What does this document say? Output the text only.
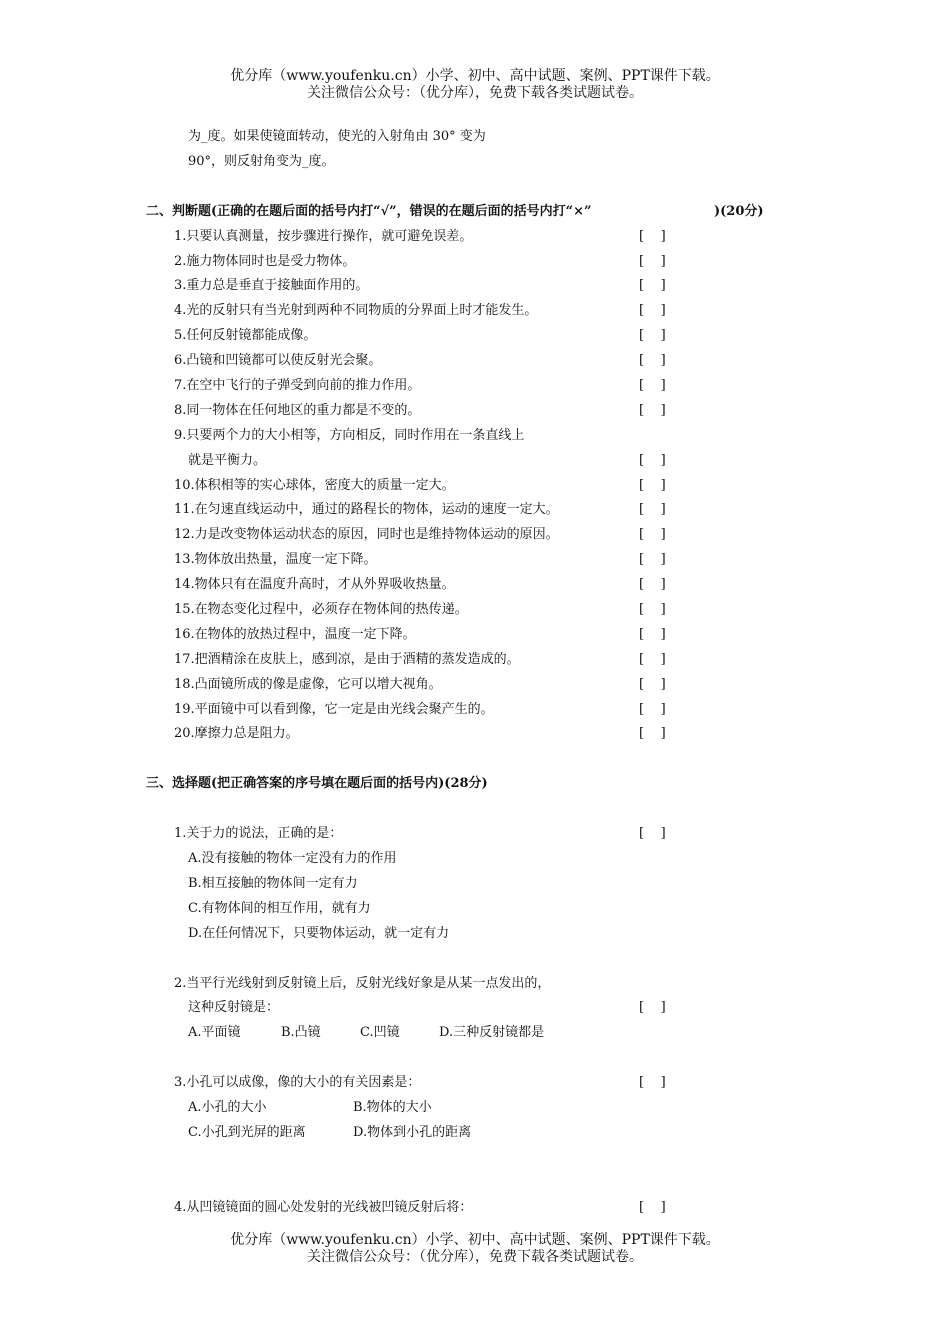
优分库（www.youfenku.cn）小学、初中、高中试题、案例、PPT课件下载。
关注微信公众号：（优分库），免费下载各类试题试卷。
为_度。如果使镜面转动，使光的入射角由 30° 变为
90°，则反射角变为_度。
二、判断题(正确的在题后面的括号内打“√”，错误的在题后面的括号内打“×”	)(20分)
1.只要认真测量，按步骤进行操作，就可避免误差。	[    ]
2.施力物体同时也是受力物体。	[    ]
3.重力总是垂直于接触面作用的。	[    ]
4.光的反射只有当光射到两种不同物质的分界面上时才能发生。	[    ]
5.任何反射镜都能成像。	[    ]
6.凸镜和凹镜都可以使反射光会聚。	[    ]
7.在空中飞行的子弹受到向前的推力作用。	[    ]
8.同一物体在任何地区的重力都是不变的。	[    ]
9.只要两个力的大小相等，方向相反，同时作用在一条直线上
就是平衡力。	[    ]
10.体积相等的实心球体，密度大的质量一定大。	[    ]
11.在匀速直线运动中，通过的路程长的物体，运动的速度一定大。	[    ]
12.力是改变物体运动状态的原因，同时也是维持物体运动的原因。	[    ]
13.物体放出热量，温度一定下降。	[    ]
14.物体只有在温度升高时，才从外界吸收热量。	[    ]
15.在物态变化过程中，必须存在物体间的热传递。	[    ]
16.在物体的放热过程中，温度一定下降。	[    ]
17.把酒精涂在皮肤上，感到凉，是由于酒精的蒸发造成的。	[    ]
18.凸面镜所成的像是虚像，它可以增大视角。	[    ]
19.平面镜中可以看到像，它一定是由光线会聚产生的。	[    ]
20.摩擦力总是阻力。	[    ]
三、选择题(把正确答案的序号填在题后面的括号内)(28分)
1.关于力的说法，正确的是：	[    ]
A.没有接触的物体一定没有力的作用
B.相互接触的物体间一定有力
C.有物体间的相互作用，就有力
D.在任何情况下，只要物体运动，就一定有力
2.当平行光线射到反射镜上后，反射光线好象是从某一点发出的，
这种反射镜是：	[    ]
A.平面镜	B.凸镜	C.凹镜	D.三种反射镜都是
3.小孔可以成像，像的大小的有关因素是：	[    ]
A.小孔的大小	B.物体的大小
C.小孔到光屏的距离	D.物体到小孔的距离
4.从凹镜镜面的圆心处发射的光线被凹镜反射后将：	[    ]
优分库（www.youfenku.cn）小学、初中、高中试题、案例、PPT课件下载。
关注微信公众号：（优分库），免费下载各类试题试卷。
